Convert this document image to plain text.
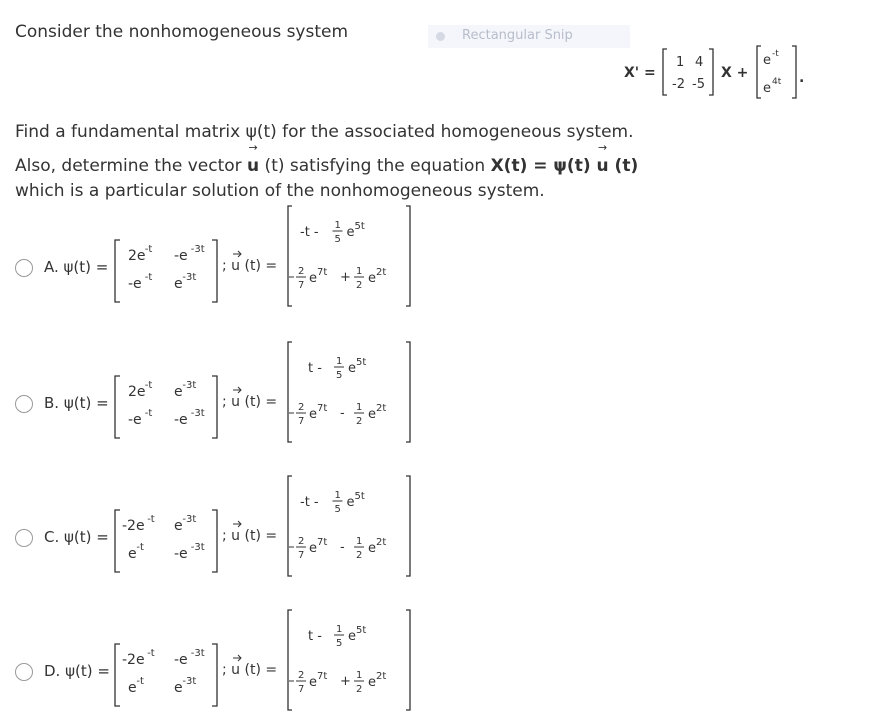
Consider the nonhomogeneous system	Rectangular Snip
X' =
1 4
-2 -5
X +
e -t
e 4t .
Find a fundamental matrix ψ(t) for the associated homogeneous system.
Also, determine the vector → u (t) satisfying the equation X(t) = ψ(t) → u (t)
which is a particular solution of the nonhomogeneous system.
A. ψ(t) =
2e -t -e -3t
-e -t e -3t
; u (t) =
-t - 1
5 e 5t
2
7 e 7t + 1
2 e 2t
B. ψ(t) =
2e -t e -3t
-e -t -e -3t
; u (t) =
t - 1
5 e 5t
2
7 e 7t - 1
2 e 2t
C. ψ(t) =
-2e -t e -3t
e -t -e -3t
; u (t) =
-t - 1
5 e 5t
2
7 e 7t - 1
2 e 2t
D. ψ(t) =
-2e -t -e -3t
e -t e -3t
; u (t) =
t - 1
5 e 5t
2
7 e 7t + 1
2 e 2t
